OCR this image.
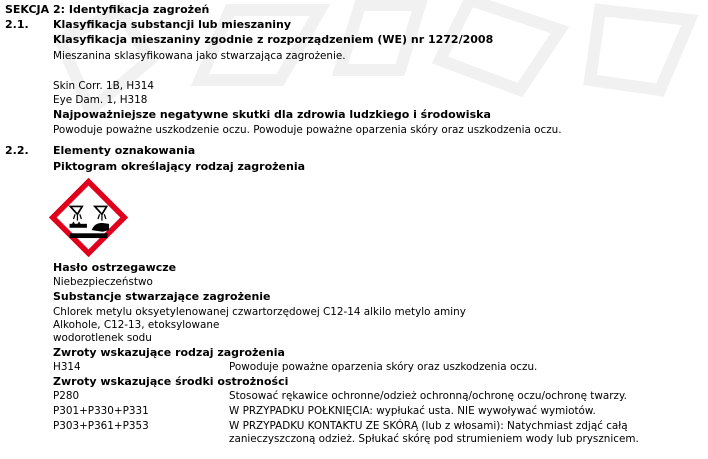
SEKCJA 2: Identyfikacja zagrożeń
2.1. Klasyfikacja substancji lub mieszaniny
Klasyfikacja mieszaniny zgodnie z rozporządzeniem (WE) nr 1272/2008
Mieszanina sklasyfikowana jako stwarzająca zagrożenie.
Skin Corr. 1B, H314
Eye Dam. 1, H318
Najpoważniejsze negatywne skutki dla zdrowia ludzkiego i środowiska
Powoduje poważne uszkodzenie oczu. Powoduje poważne oparzenia skóry oraz uszkodzenia oczu.
2.2. Elementy oznakowania
Piktogram określający rodzaj zagrożenia
Hasło ostrzegawcze
Niebezpieczeństwo
Substancje stwarzające zagrożenie
Chlorek metylu oksyetylenowanej czwartorzędowej C12-14 alkilo metylo aminy
Alkohole, C12-13, etoksylowane
wodorotlenek sodu
Zwroty wskazujące rodzaj zagrożenia
H314	Powoduje poważne oparzenia skóry oraz uszkodzenia oczu.
Zwroty wskazujące środki ostrożności
P280	Stosować rękawice ochronne/odzież ochronną/ochronę oczu/ochronę twarzy.
P301+P330+P331	W PRZYPADKU POŁKNIĘCIA: wypłukać usta. NIE wywoływać wymiotów.
P303+P361+P353	W PRZYPADKU KONTAKTU ZE SKÓRĄ (lub z włosami): Natychmiast zdjąć całą
zanieczyszczoną odzież. Spłukać skórę pod strumieniem wody lub prysznicem.
